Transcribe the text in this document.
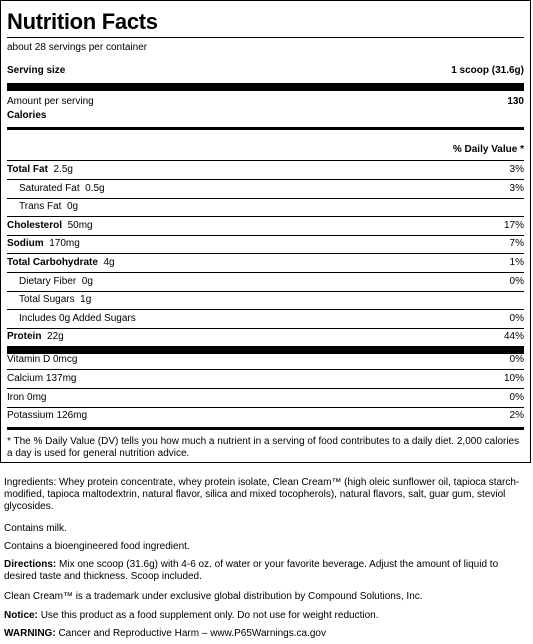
Nutrition Facts
about 28 servings per container
Serving size	1 scoop (31.6g)
Amount per serving	130
Calories
% Daily Value *
Total Fat 2.5g	3%
Saturated Fat 0.5g	3%
Trans Fat 0g
Cholesterol 50mg	17%
Sodium 170mg	7%
Total Carbohydrate 4g	1%
Dietary Fiber 0g	0%
Total Sugars 1g
Includes 0g Added Sugars	0%
Protein 22g	44%
Vitamin D 0mcg	0%
Calcium 137mg	10%
Iron 0mg	0%
Potassium 126mg	2%
* The % Daily Value (DV) tells you how much a nutrient in a serving of food contributes to a daily diet. 2,000 calories a day is used for general nutrition advice.
Ingredients: Whey protein concentrate, whey protein isolate, Clean Cream™ (high oleic sunflower oil, tapioca starch-modified, tapioca maltodextrin, natural flavor, silica and mixed tocopherols), natural flavors, salt, guar gum, steviol glycosides.
Contains milk.
Contains a bioengineered food ingredient.
Directions: Mix one scoop (31.6g) with 4-6 oz. of water or your favorite beverage. Adjust the amount of liquid to desired taste and thickness. Scoop included.
Clean Cream™ is a trademark under exclusive global distribution by Compound Solutions, Inc.
Notice: Use this product as a food supplement only. Do not use for weight reduction.
WARNING: Cancer and Reproductive Harm – www.P65Warnings.ca.gov
